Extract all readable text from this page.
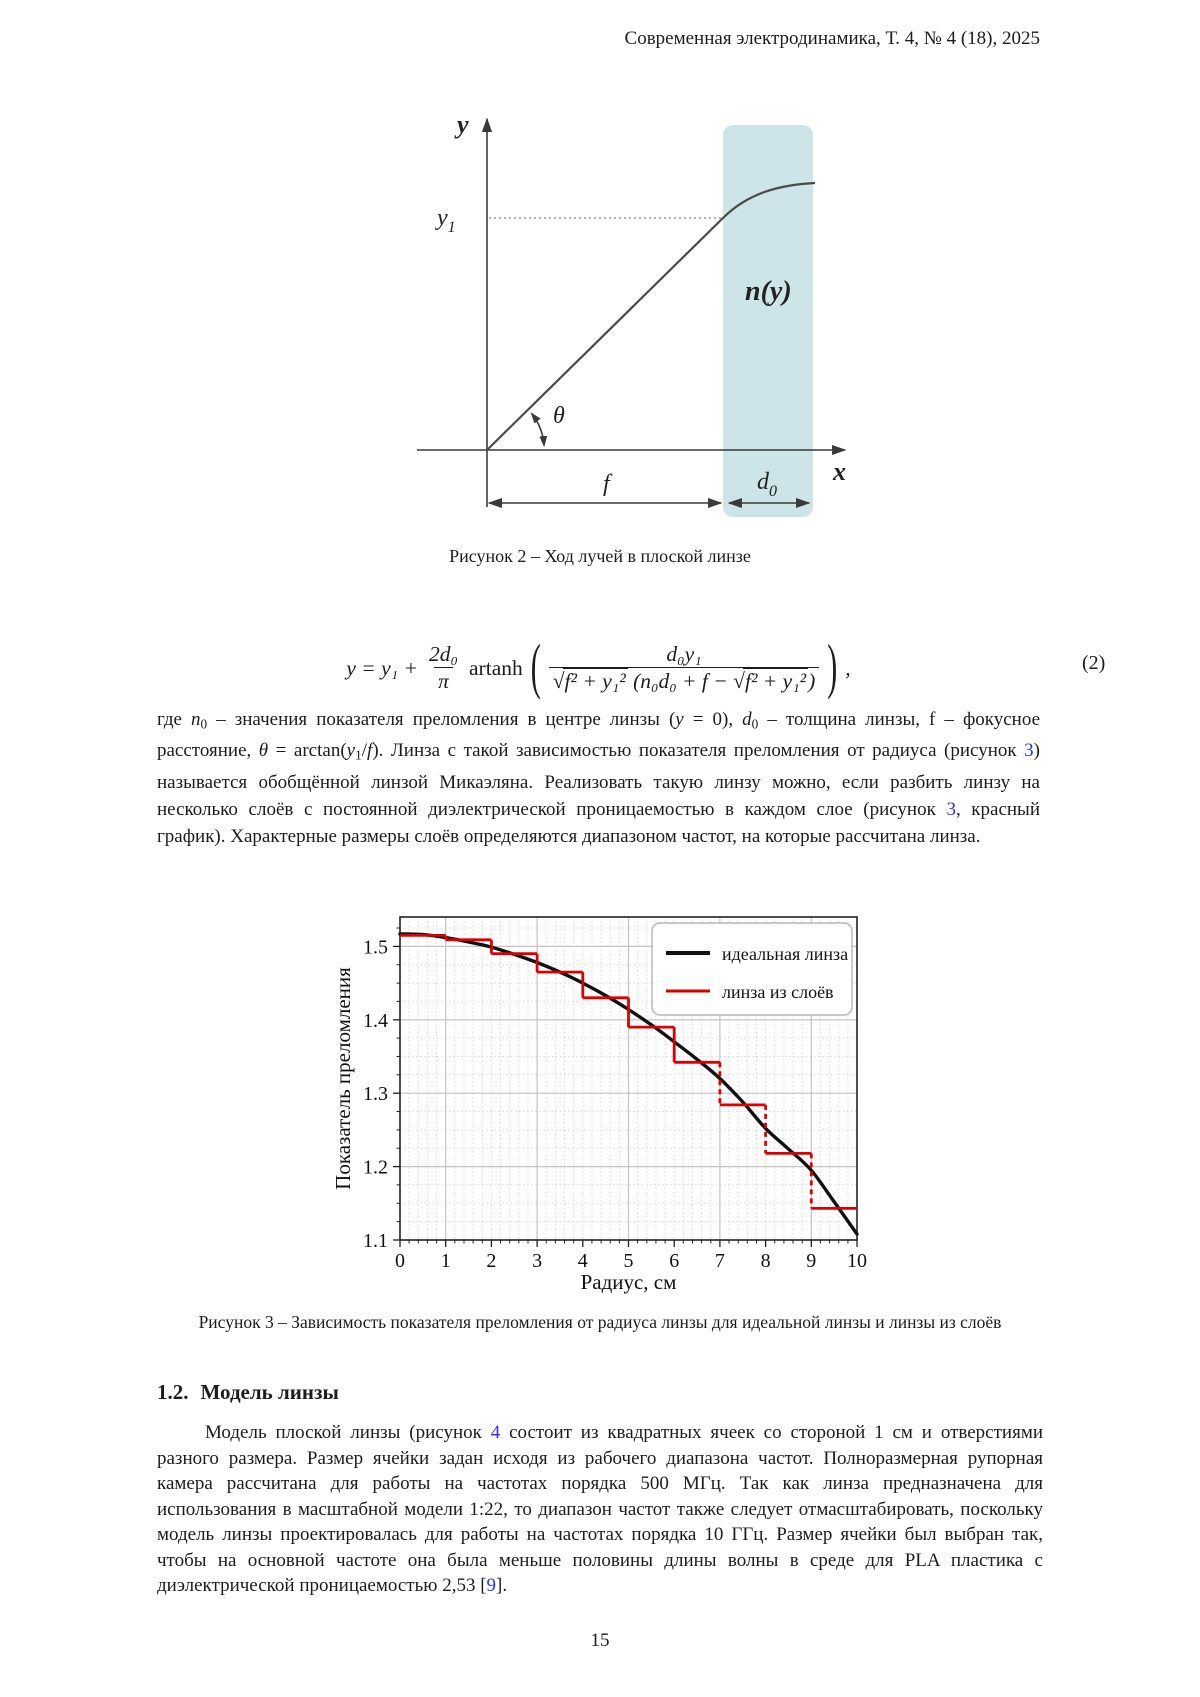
Современная электродинамика, Т. 4, № 4 (18), 2025
y
x
$y_1$
θ
n(y)
f	$d_0$
Рисунок 2 – Ход лучей в плоской линзе
$y = y_1 + \frac{\text{2d₀}}{\pi}$ artanh ( $\frac{\text{d₀y₁}}{\text{√f² + y₁² (n₀d₀ + f − √f² + y₁²)}}$ ) ,	(2)
где $n_0$ – значения показателя преломления в центре линзы (y = 0), $d_0$ – толщина линзы, f – фокусное расстояние, $\theta = \arctan(y_1/f)$. Линза с такой зависимостью показателя преломления от радиуса (рисунок 3) называется обобщённой линзой Микаэляна. Реализовать такую линзу можно, если разбить линзу на несколько слоёв с постоянной диэлектрической проницаемостью в каждом слое (рисунок 3, красный график). Характерные размеры слоёв определяются диапазоном частот, на которые рассчитана линза.
идеальная линза
линза из слоёв
0 1 2 3 4 5 6 7 8 9 10
1.1
1.2
1.3
1.4
1.5
Радиус, см
Показатель преломления
Рисунок 3 – Зависимость показателя преломления от радиуса линзы для идеальной линзы и линзы из слоёв
1.2. Модель линзы
Модель плоской линзы (рисунок 4 состоит из квадратных ячеек со стороной 1 см и отверстиями разного размера. Размер ячейки задан исходя из рабочего диапазона частот. Полноразмерная рупорная камера рассчитана для работы на частотах порядка 500 МГц. Так как линза предназначена для использования в масштабной модели 1:22, то диапазон частот также следует отмасштабировать, поскольку модель линзы проектировалась для работы на частотах порядка 10 ГГц. Размер ячейки был выбран так, чтобы на основной частоте она была меньше половины длины волны в среде для PLA пластика с диэлектрической проницаемостью 2,53 [9].
15
